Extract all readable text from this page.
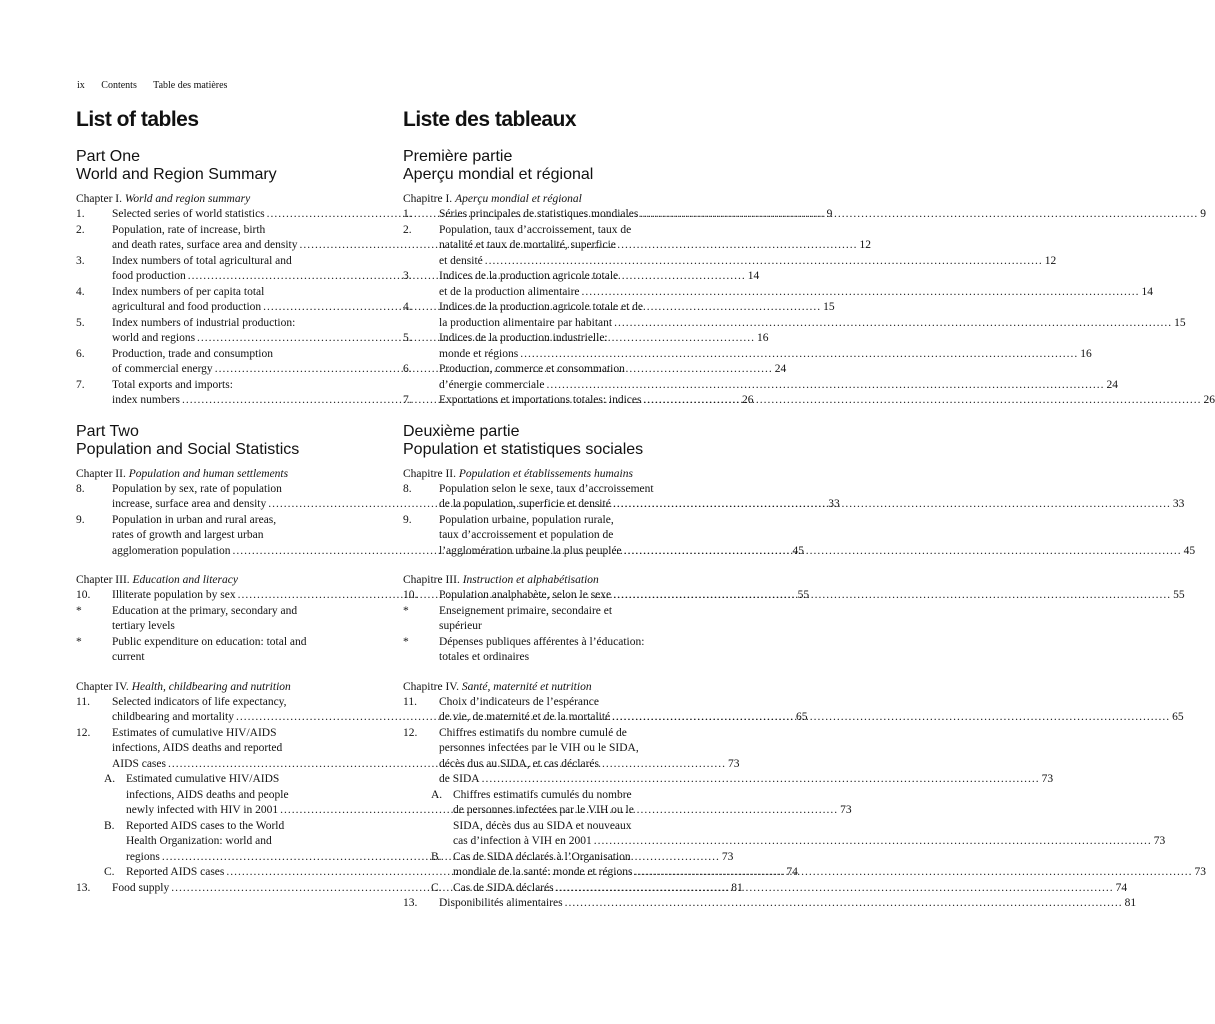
ix Contents Table des matières
List of tables
Part One
World and Region Summary
Chapter I. World and region summary
1.	Selected series of world statistics .....	9
2.	Population, rate of increase, birth
and death rates, surface area and density .....	12
3.	Index numbers of total agricultural and
food production .....	14
4.	Index numbers of per capita total
agricultural and food production .....	15
5.	Index numbers of industrial production:
world and regions .....	16
6.	Production, trade and consumption
of commercial energy .....	24
7.	Total exports and imports:
index numbers .....	26
Part Two
Population and Social Statistics
Chapter II. Population and human settlements
8.	Population by sex, rate of population
increase, surface area and density .....	33
9.	Population in urban and rural areas,
rates of growth and largest urban
agglomeration population .....	45
Chapter III. Education and literacy
10.	Illiterate population by sex .....	55
*	Education at the primary, secondary and
tertiary levels
*	Public expenditure on education: total and
current
Chapter IV. Health, childbearing and nutrition
11.	Selected indicators of life expectancy,
childbearing and mortality .....	65
12.	Estimates of cumulative HIV/AIDS
infections, AIDS deaths and reported
AIDS cases .....	73
A. Estimated cumulative HIV/AIDS
infections, AIDS deaths and people
newly infected with HIV in 2001 .....	73
B. Reported AIDS cases to the World
Health Organization: world and
regions .....	73
C. Reported AIDS cases .....	74
13.	Food supply .....	81
Liste des tableaux
Première partie
Aperçu mondial et régional
Chapitre I. Aperçu mondial et régional
1.	Séries principales de statistiques mondiales .....	9
2.	Population, taux d’accroissement, taux de
natalité et taux de mortalité, superficie
et densité .....	12
3.	Indices de la production agricole totale
et de la production alimentaire .....	14
4.	Indices de la production agricole totale et de
la production alimentaire par habitant .....	15
5.	Indices de la production industrielle:
monde et régions .....	16
6.	Production, commerce et consommation
d’énergie commerciale .....	24
7.	Exportations et importations totales: indices .....	26
Deuxième partie
Population et statistiques sociales
Chapitre II. Population et établissements humains
8.	Population selon le sexe, taux d’accroissement
de la population, superficie et densité .....	33
9.	Population urbaine, population rurale,
taux d’accroissement et population de
l’agglomération urbaine la plus peuplée .....	45
Chapitre III. Instruction et alphabétisation
10.	Population analphabète, selon le sexe .....	55
*	Enseignement primaire, secondaire et
supérieur
*	Dépenses publiques afférentes à l’éducation:
totales et ordinaires
Chapitre IV. Santé, maternité et nutrition
11.	Choix d’indicateurs de l’espérance
de vie, de maternité et de la mortalité .....	65
12.	Chiffres estimatifs du nombre cumulé de
personnes infectées par le VIH ou le SIDA,
décès dus au SIDA, et cas déclarés
de SIDA .....	73
A. Chiffres estimatifs cumulés du nombre
de personnes infectées par le VIH ou le
SIDA, décès dus au SIDA et nouveaux
cas d’infection à VIH en 2001 .....	73
B. Cas de SIDA déclarés à l’Organisation
mondiale de la santé: monde et régions .....	73
C. Cas de SIDA déclarés .....	74
13.	Disponibilités alimentaires .....	81
